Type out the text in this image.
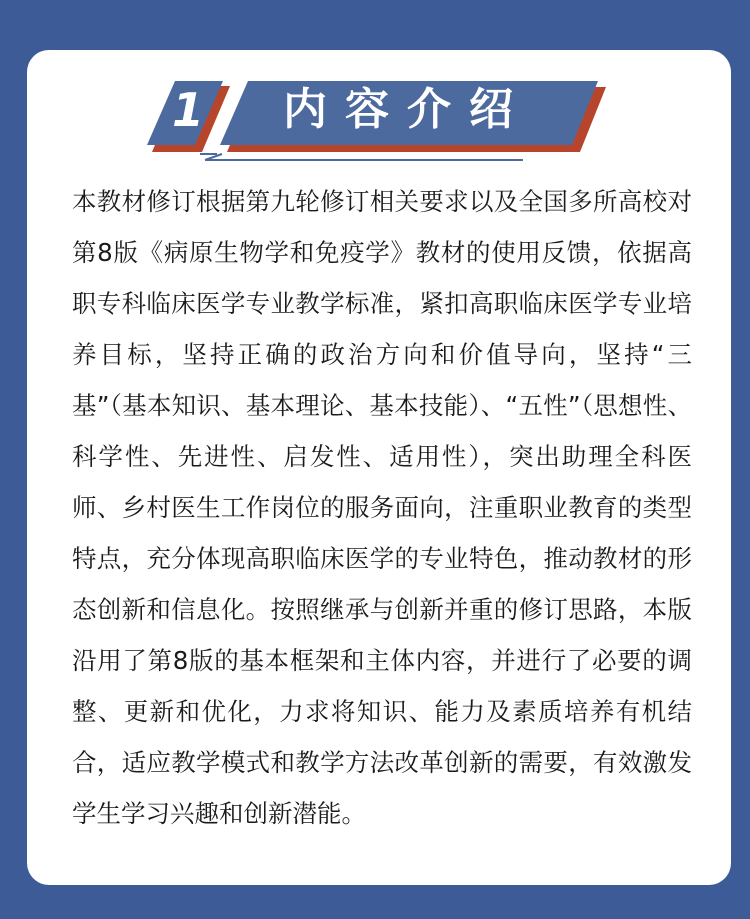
1	内容介绍

本教材修订根据第九轮修订相关要求以及全国多所高校对第8版《病原生物学和免疫学》教材的使用反馈，依据高职专科临床医学专业教学标准，紧扣高职临床医学专业培养目标，坚持正确的政治方向和价值导向，坚持“三基”（基本知识、基本理论、基本技能）、“五性”（思想性、科学性、先进性、启发性、适用性），突出助理全科医师、乡村医生工作岗位的服务面向，注重职业教育的类型特点，充分体现高职临床医学的专业特色，推动教材的形态创新和信息化。按照继承与创新并重的修订思路，本版沿用了第8版的基本框架和主体内容，并进行了必要的调整、更新和优化，力求将知识、能力及素质培养有机结合，适应教学模式和教学方法改革创新的需要，有效激发学生学习兴趣和创新潜能。
